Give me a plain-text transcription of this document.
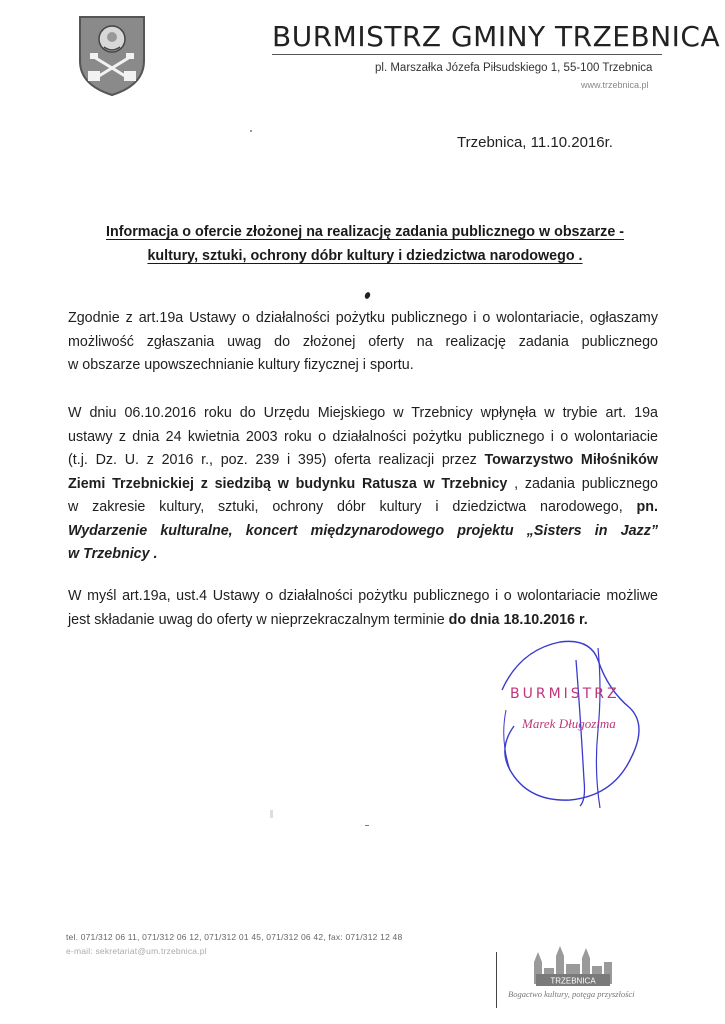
BURMISTRZ GMINY TRZEBNICA
pl. Marszałka Józefa Piłsudskiego 1, 55-100 Trzebnica
www.trzebnica.pl
Trzebnica, 11.10.2016r.
Informacja o ofercie złożonej na realizację zadania publicznego w obszarze -
kultury, sztuki, ochrony dóbr kultury i dziedzictwa narodowego .
Zgodnie z art.19a Ustawy o działalności pożytku publicznego i o wolontariacie, ogłaszamy
możliwość zgłaszania uwag do złożonej oferty na realizację zadania publicznego
w obszarze upowszechnianie kultury fizycznej i sportu.
W dniu 06.10.2016 roku do Urzędu Miejskiego w Trzebnicy wpłynęła w trybie art. 19a
ustawy z dnia 24 kwietnia 2003 roku o działalności pożytku publicznego i o wolontariacie
(t.j. Dz. U. z 2016 r., poz. 239 i 395) oferta realizacji przez Towarzystwo Miłośników
Ziemi Trzebnickiej z siedzibą w budynku Ratusza w Trzebnicy , zadania publicznego
w zakresie kultury, sztuki, ochrony dóbr kultury i dziedzictwa narodowego, pn.
Wydarzenie kulturalne, koncert międzynarodowego projektu „Sisters in Jazz”
w Trzebnicy .
W myśl art.19a, ust.4 Ustawy o działalności pożytku publicznego i o wolontariacie możliwe
jest składanie uwag do oferty w nieprzekraczalnym terminie do dnia 18.10.2016 r.
BURMISTRZ
Marek Długozima
tel. 071/312 06 11, 071/312 06 12, 071/312 01 45, 071/312 06 42, fax: 071/312 12 48
e-mail: sekretariat@um.trzebnica.pl
TRZEBNICA
Bogactwo kultury, potęga przyszłości
